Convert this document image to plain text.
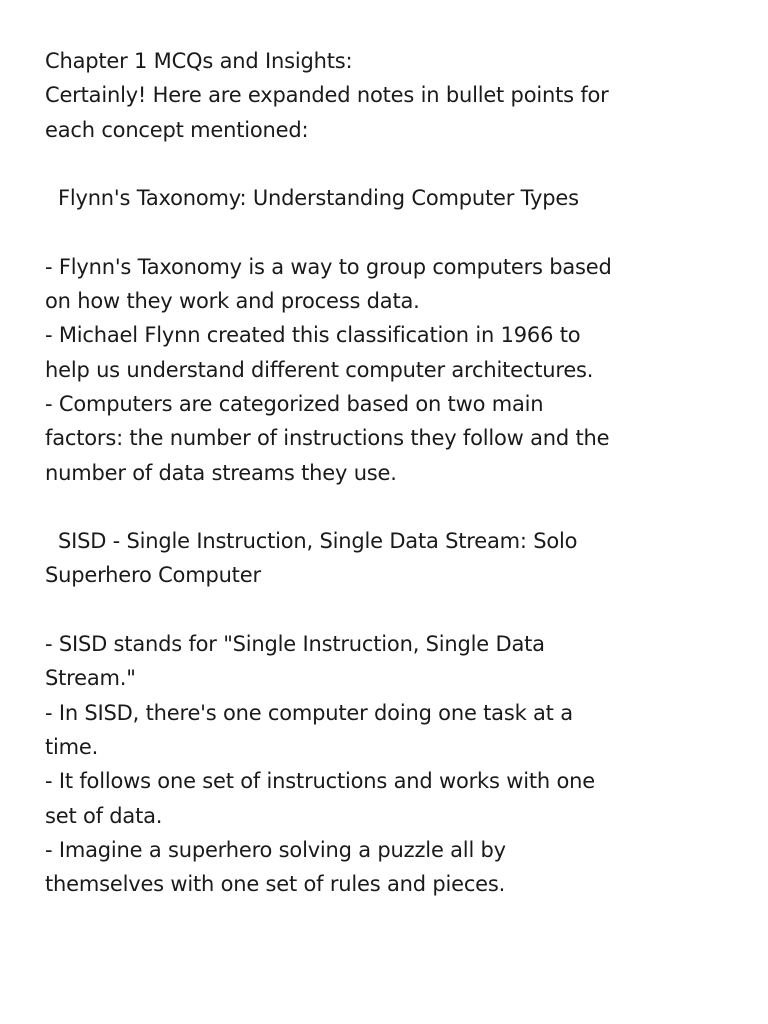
Chapter 1 MCQs and Insights:
Certainly! Here are expanded notes in bullet points for
each concept mentioned:
Flynn's Taxonomy: Understanding Computer Types
- Flynn's Taxonomy is a way to group computers based
on how they work and process data.
- Michael Flynn created this classification in 1966 to
help us understand different computer architectures.
- Computers are categorized based on two main
factors: the number of instructions they follow and the
number of data streams they use.
SISD - Single Instruction, Single Data Stream: Solo
Superhero Computer
- SISD stands for "Single Instruction, Single Data
Stream."
- In SISD, there's one computer doing one task at a
time.
- It follows one set of instructions and works with one
set of data.
- Imagine a superhero solving a puzzle all by
themselves with one set of rules and pieces.
